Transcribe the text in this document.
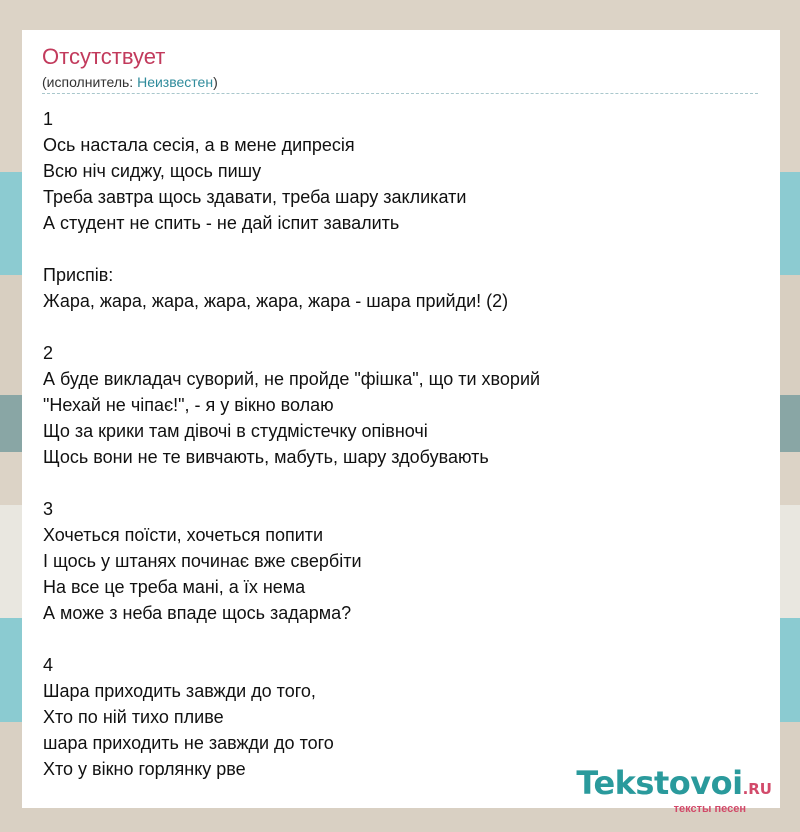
Отсутствует
(исполнитель: Неизвестен)
1
Ось настала сесія, а в мене дипресія
Всю ніч сиджу, щось пишу
Треба завтра щось здавати, треба шару закликати
А студент не спить - не дай іспит завалить
Приспів:
Жара, жара, жара, жара, жара, жара - шара прийди! (2)
2
А буде викладач суворий, не пройде "фішка", що ти хворий
"Нехай не чіпає!", - я у вікно волаю
Що за крики там дівочі в студмістечку опівночі
Щось вони не те вивчають, мабуть, шару здобувають
3
Хочеться поїсти, хочеться попити
І щось у штанях починає вже свербіти
На все це треба мані, а їх нема
А може з неба впаде щось задарма?
4
Шара приходить завжди до того,
Хто по ній тихо пливе
шара приходить не завжди до того
Хто у вікно горлянку рве	Tekstovoi.RU
тексты песен
